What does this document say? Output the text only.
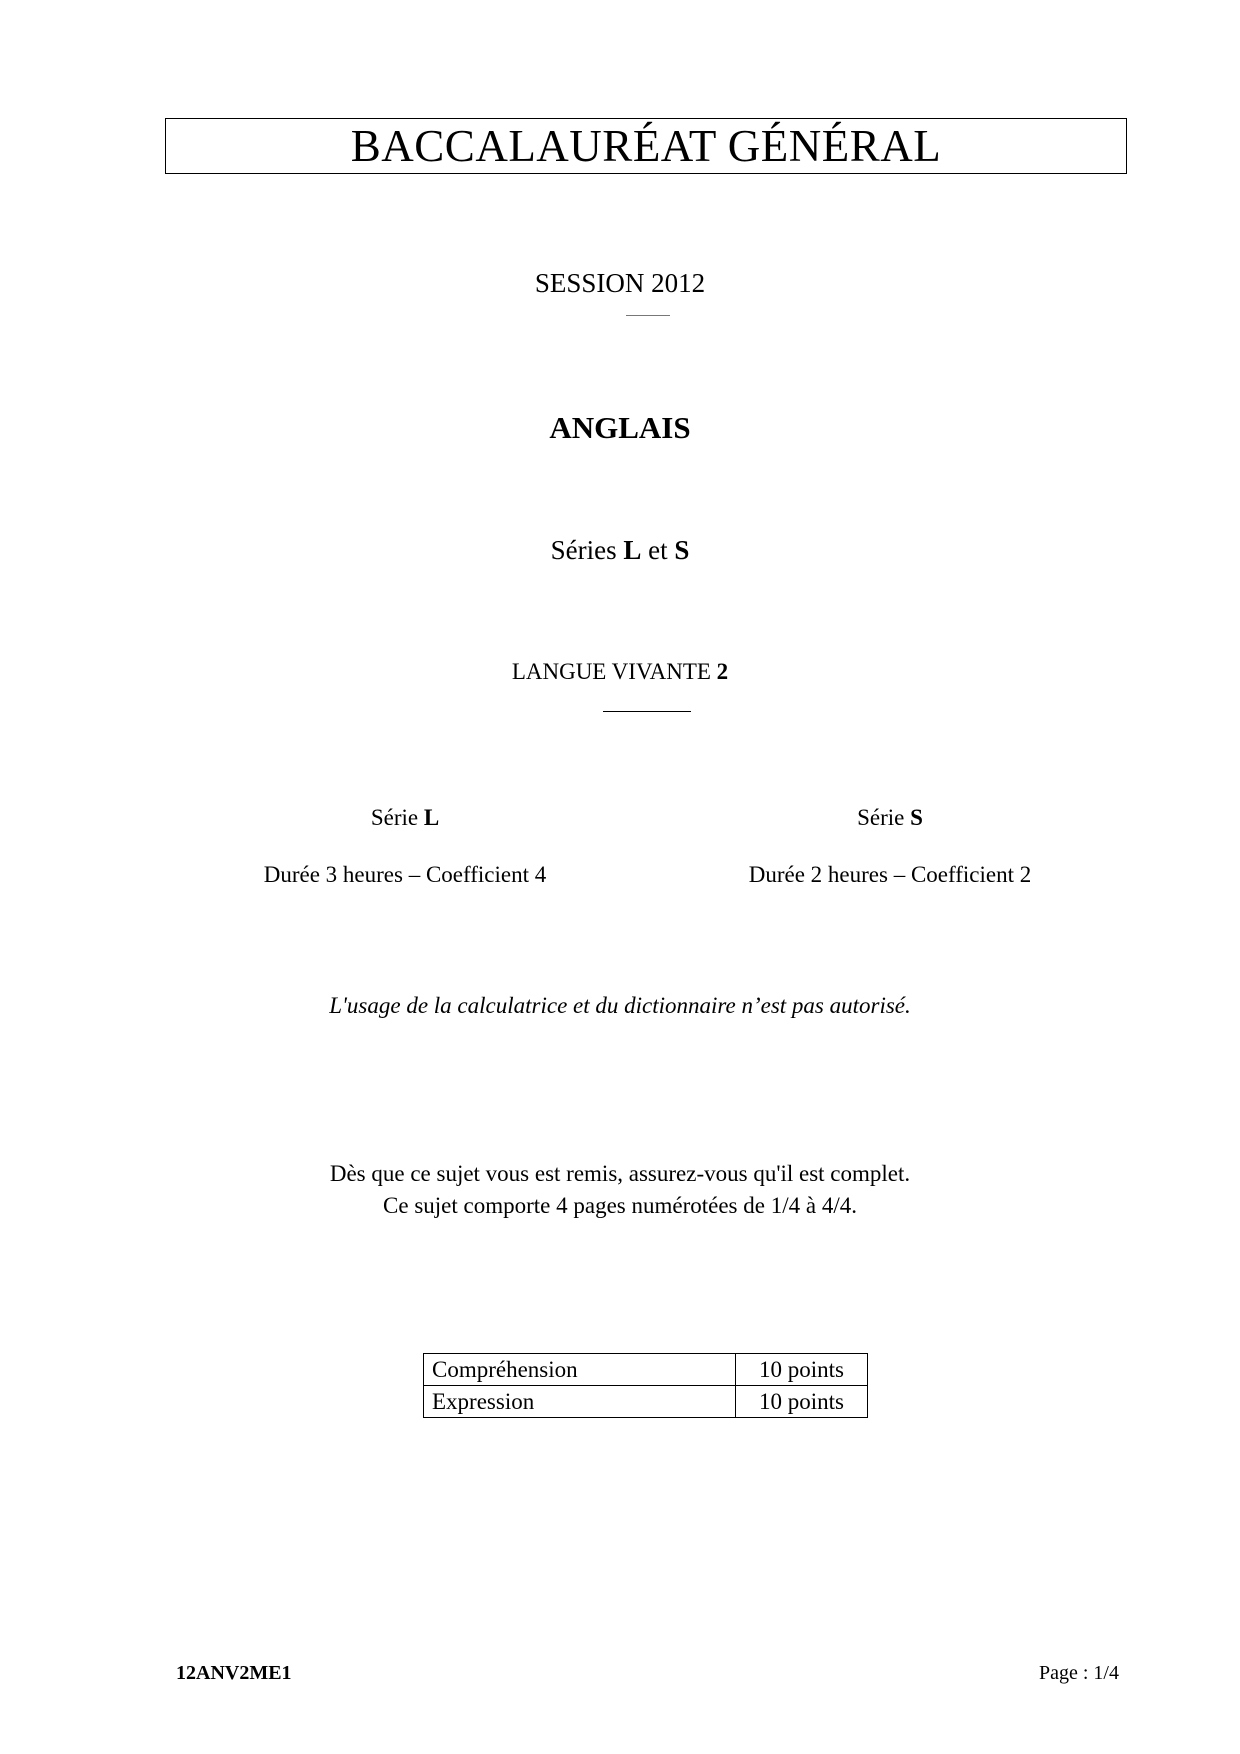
BACCALAURÉAT GÉNÉRAL
SESSION 2012
ANGLAIS
Séries L et S
LANGUE VIVANTE 2
Série L
Durée 3 heures – Coefficient 4
Série S
Durée 2 heures – Coefficient 2
L'usage de la calculatrice et du dictionnaire n’est pas autorisé.
Dès que ce sujet vous est remis, assurez-vous qu'il est complet.
Ce sujet comporte 4 pages numérotées de 1/4 à 4/4.
Compréhension	10 points
Expression	10 points
12ANV2ME1	Page : 1/4
